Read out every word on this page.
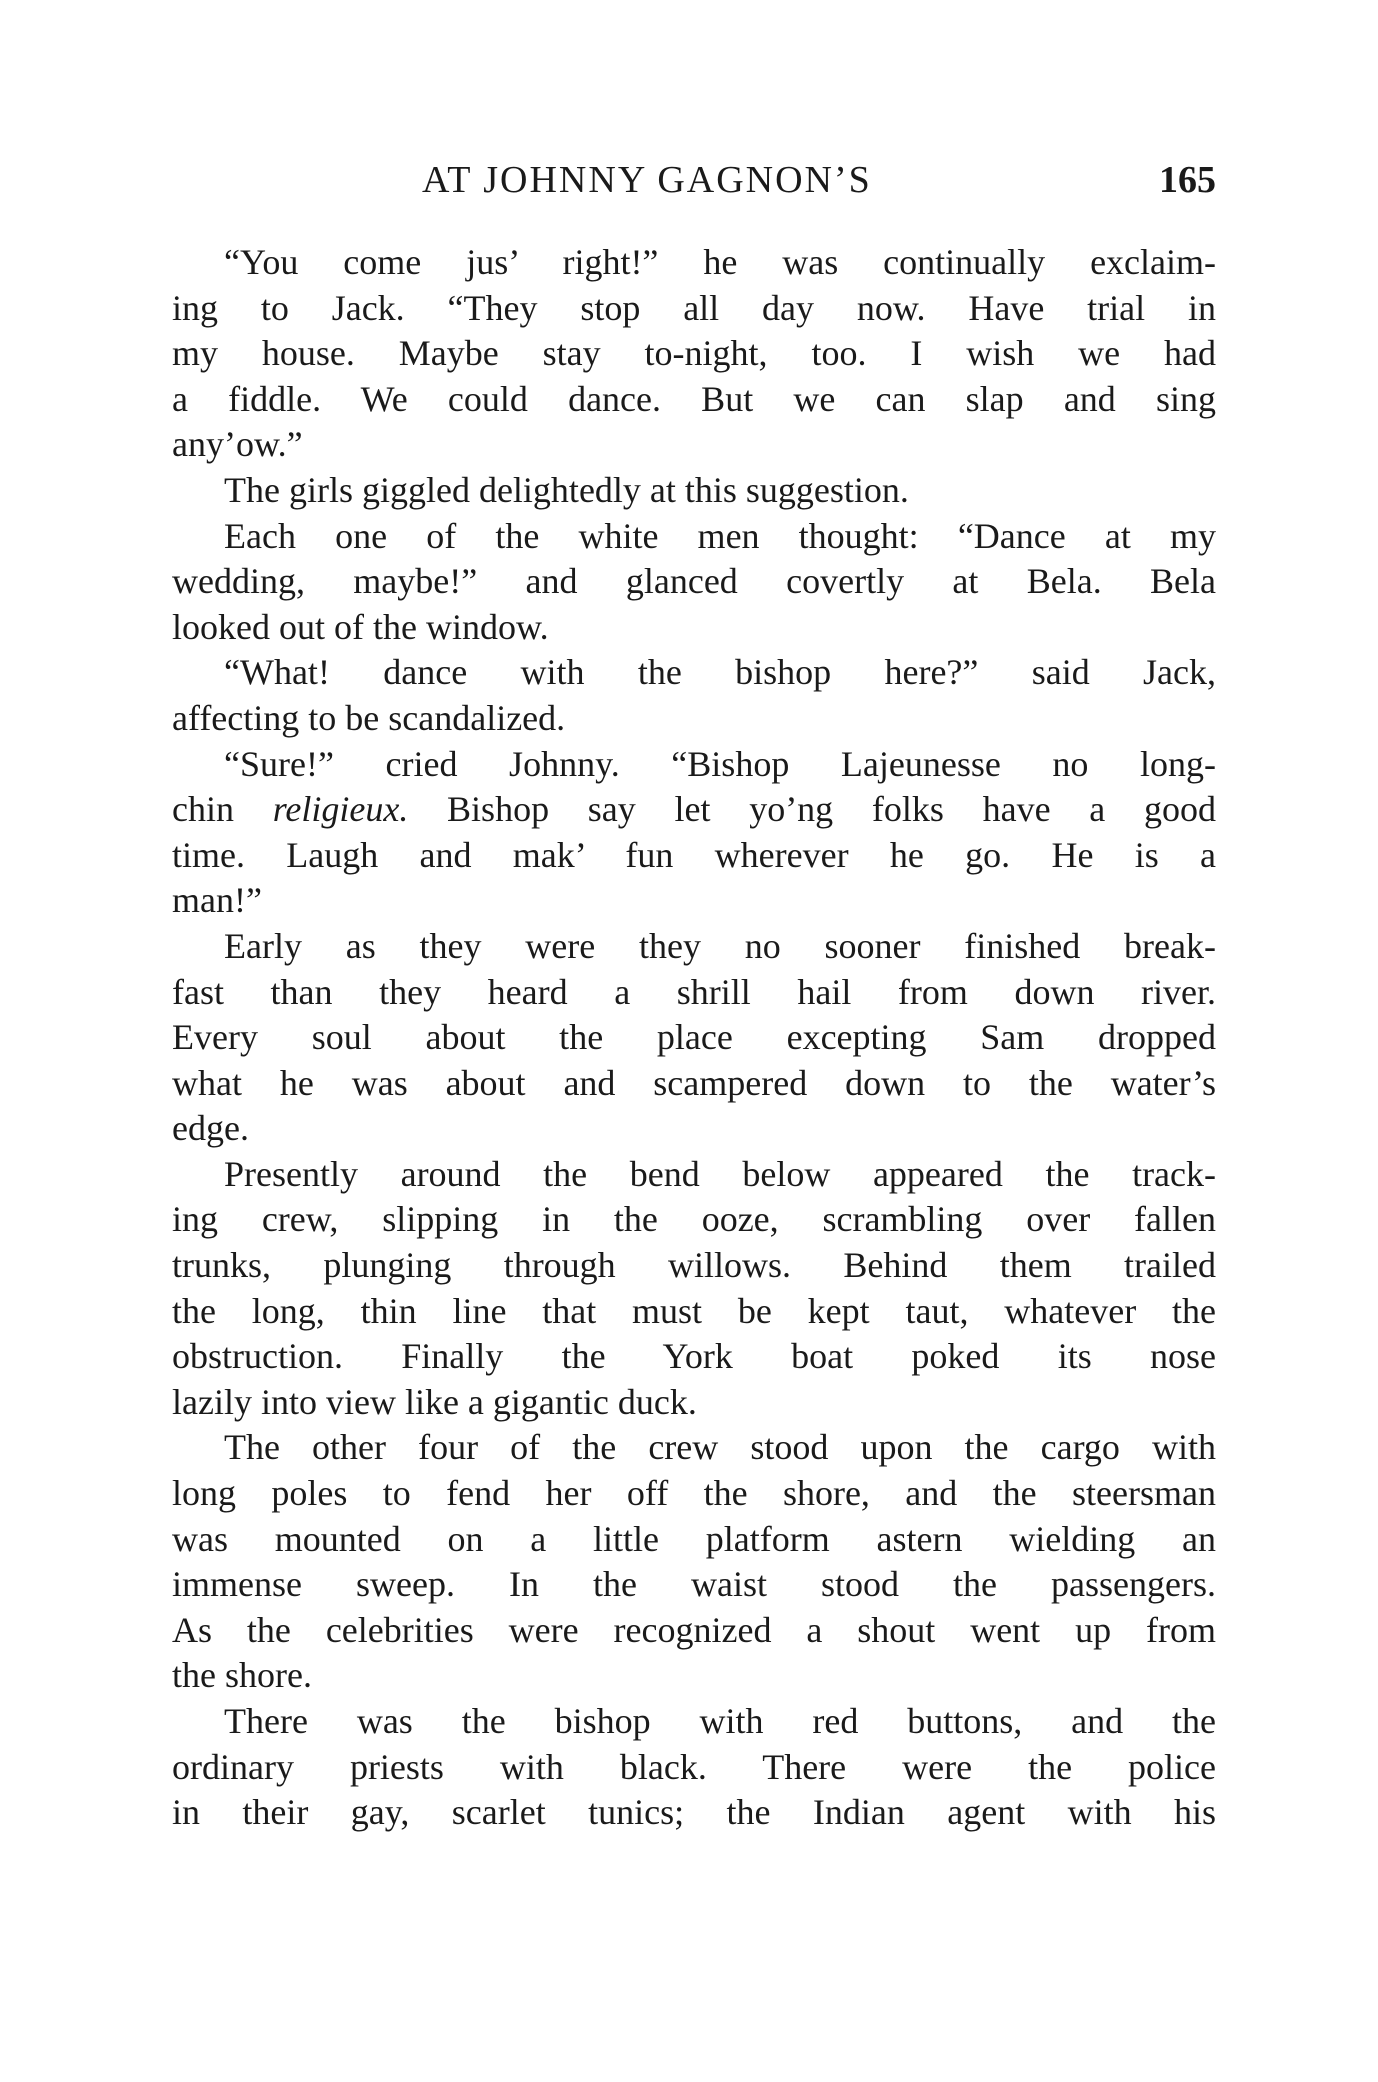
AT JOHNNY GAGNON’S	165
“You come jus’ right!” he was continually exclaim-
ing to Jack. “They stop all day now. Have trial in
my house. Maybe stay to-night, too. I wish we had
a fiddle. We could dance. But we can slap and sing
any’ow.”
The girls giggled delightedly at this suggestion.
Each one of the white men thought: “Dance at my
wedding, maybe!” and glanced covertly at Bela. Bela
looked out of the window.
“What! dance with the bishop here?” said Jack,
affecting to be scandalized.
“Sure!” cried Johnny. “Bishop Lajeunesse no long-
chin religieux. Bishop say let yo’ng folks have a good
time. Laugh and mak’ fun wherever he go. He is a
man!”
Early as they were they no sooner finished break-
fast than they heard a shrill hail from down river.
Every soul about the place excepting Sam dropped
what he was about and scampered down to the water’s
edge.
Presently around the bend below appeared the track-
ing crew, slipping in the ooze, scrambling over fallen
trunks, plunging through willows. Behind them trailed
the long, thin line that must be kept taut, whatever the
obstruction. Finally the York boat poked its nose
lazily into view like a gigantic duck.
The other four of the crew stood upon the cargo with
long poles to fend her off the shore, and the steersman
was mounted on a little platform astern wielding an
immense sweep. In the waist stood the passengers.
As the celebrities were recognized a shout went up from
the shore.
There was the bishop with red buttons, and the
ordinary priests with black. There were the police
in their gay, scarlet tunics; the Indian agent with his
